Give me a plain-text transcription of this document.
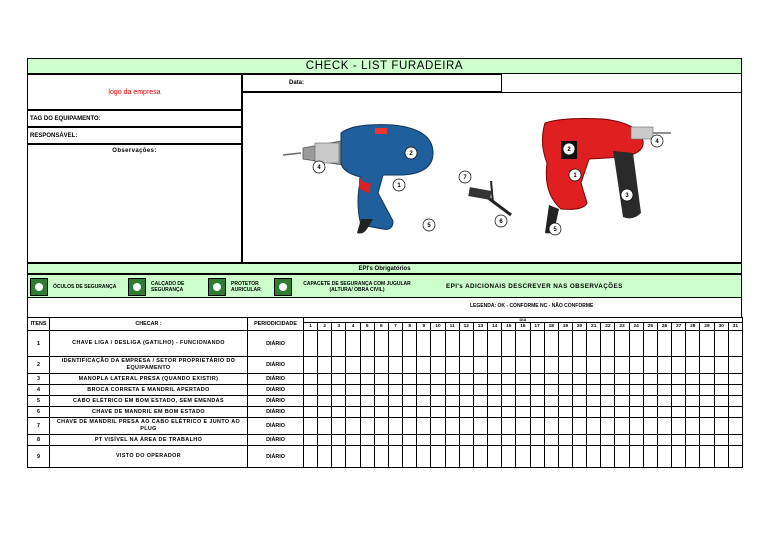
CHECK - LIST FURADEIRA
logo da empresa
Data:
TAG DO EQUIPAMENTO:
RESPONSÁVEL:
Observações:
4
2
1
5
7
6
2
1
4
3
5
EPI's Obrigatórios
ÓCULOS DE SEGURANÇA	CALÇADO DE SEGURANÇA
PROTETOR AURICULAR
CAPACETE DE SEGURANÇA COM JUGULAR (ALTURA/ OBRA CIVIL)	EPI's ADICIONAIS DESCREVER NAS OBSERVAÇÕES
LEGENDA: OK - CONFORME NC - NÃO CONFORME
ITENS	CHECAR :	PERIODICIDADE	DIA																														
			1	2	3	4	5	6	7	8	9	10	11	12	13	14	15	16	17	18	19	20	21	22	23	24	25	26	27	28	29	30	31
1	CHAVE LIGA / DESLIGA (GATILHO) - FUNCIONANDO	DIÁRIO																															
2	IDENTIFICAÇÃO DA EMPRESA / SETOR PROPRIETÁRIO DO EQUIPAMENTO	DIÁRIO																															
3	MANOPLA LATERAL PRESA (QUANDO EXISTIR)	DIÁRIO																															
4	BROCA CORRETA E MANDRIL APERTADO	DIÁRIO																															
5	CABO ELÉTRICO EM BOM ESTADO, SEM EMENDAS	DIÁRIO																															
6	CHAVE DE MANDRIL EM BOM ESTADO	DIÁRIO																															
7	CHAVE DE MANDRIL PRESA AO CABO ELÉTRICO E JUNTO AO PLUG	DIÁRIO																															
8	PT VISÍVEL NA ÁREA DE TRABALHO	DIÁRIO																															
9	VISTO DO OPERADOR	DIÁRIO																															
